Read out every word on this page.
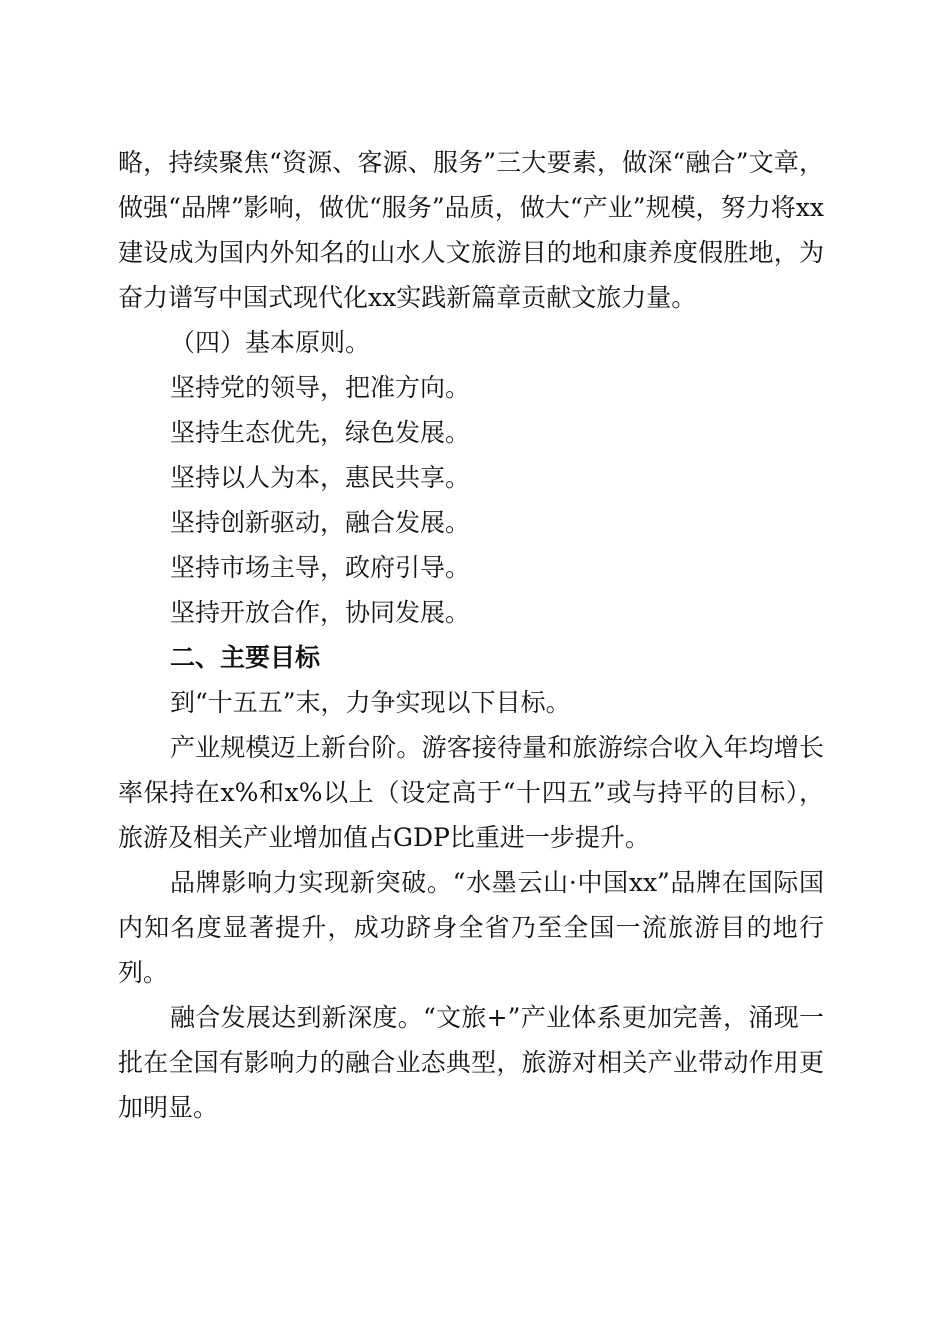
略，持续聚焦“资源、客源、服务”三大要素，做深“融合”文章，做强“品牌”影响，做优“服务”品质，做大“产业”规模，努力将xx建设成为国内外知名的山水人文旅游目的地和康养度假胜地，为奋力谱写中国式现代化xx实践新篇章贡献文旅力量。

（四）基本原则。

坚持党的领导，把准方向。

坚持生态优先，绿色发展。

坚持以人为本，惠民共享。

坚持创新驱动，融合发展。

坚持市场主导，政府引导。

坚持开放合作，协同发展。

二、主要目标

到“十五五”末，力争实现以下目标。

产业规模迈上新台阶。游客接待量和旅游综合收入年均增长率保持在x%和x%以上（设定高于“十四五”或与持平的目标），旅游及相关产业增加值占GDP比重进一步提升。

品牌影响力实现新突破。“水墨云山·中国xx”品牌在国际国内知名度显著提升，成功跻身全省乃至全国一流旅游目的地行列。

融合发展达到新深度。“文旅+”产业体系更加完善，涌现一批在全国有影响力的融合业态典型，旅游对相关产业带动作用更加明显。
